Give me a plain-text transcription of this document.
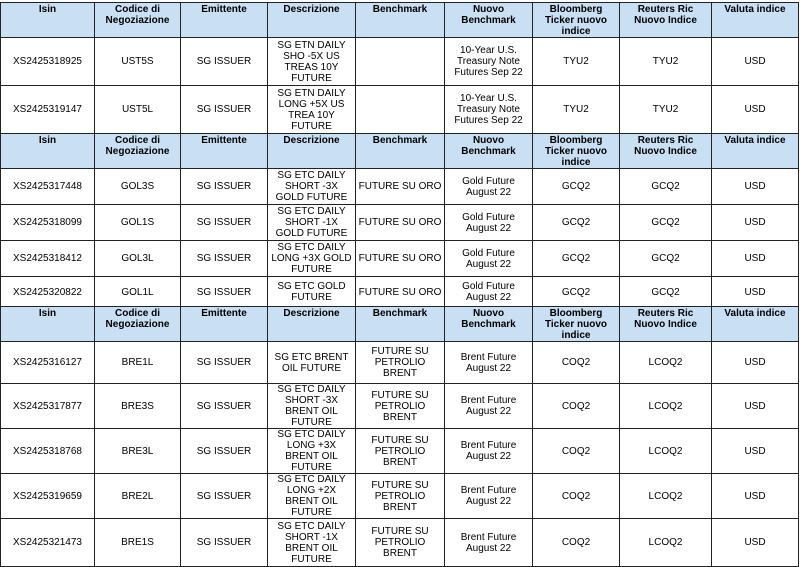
Isin	Codice di Negoziazione	Emittente	Descrizione	Benchmark	Nuovo Benchmark	Bloomberg Ticker nuovo indice	Reuters Ric Nuovo Indice	Valuta indice
XS2425318925	UST5S	SG ISSUER	SG ETN DAILY SHO -5X US TREAS 10Y FUTURE		10-Year U.S. Treasury Note Futures Sep 22	TYU2	TYU2	USD
XS2425319147	UST5L	SG ISSUER	SG ETN DAILY LONG +5X US TREA 10Y FUTURE		10-Year U.S. Treasury Note Futures Sep 22	TYU2	TYU2	USD
Isin	Codice di Negoziazione	Emittente	Descrizione	Benchmark	Nuovo Benchmark	Bloomberg Ticker nuovo indice	Reuters Ric Nuovo Indice	Valuta indice
XS2425317448	GOL3S	SG ISSUER	SG ETC DAILY SHORT -3X GOLD FUTURE	FUTURE SU ORO	Gold Future August 22	GCQ2	GCQ2	USD
XS2425318099	GOL1S	SG ISSUER	SG ETC DAILY SHORT -1X GOLD FUTURE	FUTURE SU ORO	Gold Future August 22	GCQ2	GCQ2	USD
XS2425318412	GOL3L	SG ISSUER	SG ETC DAILY LONG +3X GOLD FUTURE	FUTURE SU ORO	Gold Future August 22	GCQ2	GCQ2	USD
XS2425320822	GOL1L	SG ISSUER	SG ETC GOLD FUTURE	FUTURE SU ORO	Gold Future August 22	GCQ2	GCQ2	USD
Isin	Codice di Negoziazione	Emittente	Descrizione	Benchmark	Nuovo Benchmark	Bloomberg Ticker nuovo indice	Reuters Ric Nuovo Indice	Valuta indice
XS2425316127	BRE1L	SG ISSUER	SG ETC BRENT OIL FUTURE	FUTURE SU PETROLIO BRENT	Brent Future August 22	COQ2	LCOQ2	USD
XS2425317877	BRE3S	SG ISSUER	SG ETC DAILY SHORT -3X BRENT OIL FUTURE	FUTURE SU PETROLIO BRENT	Brent Future August 22	COQ2	LCOQ2	USD
XS2425318768	BRE3L	SG ISSUER	SG ETC DAILY LONG +3X BRENT OIL FUTURE	FUTURE SU PETROLIO BRENT	Brent Future August 22	COQ2	LCOQ2	USD
XS2425319659	BRE2L	SG ISSUER	SG ETC DAILY LONG +2X BRENT OIL FUTURE	FUTURE SU PETROLIO BRENT	Brent Future August 22	COQ2	LCOQ2	USD
XS2425321473	BRE1S	SG ISSUER	SG ETC DAILY SHORT -1X BRENT OIL FUTURE	FUTURE SU PETROLIO BRENT	Brent Future August 22	COQ2	LCOQ2	USD
